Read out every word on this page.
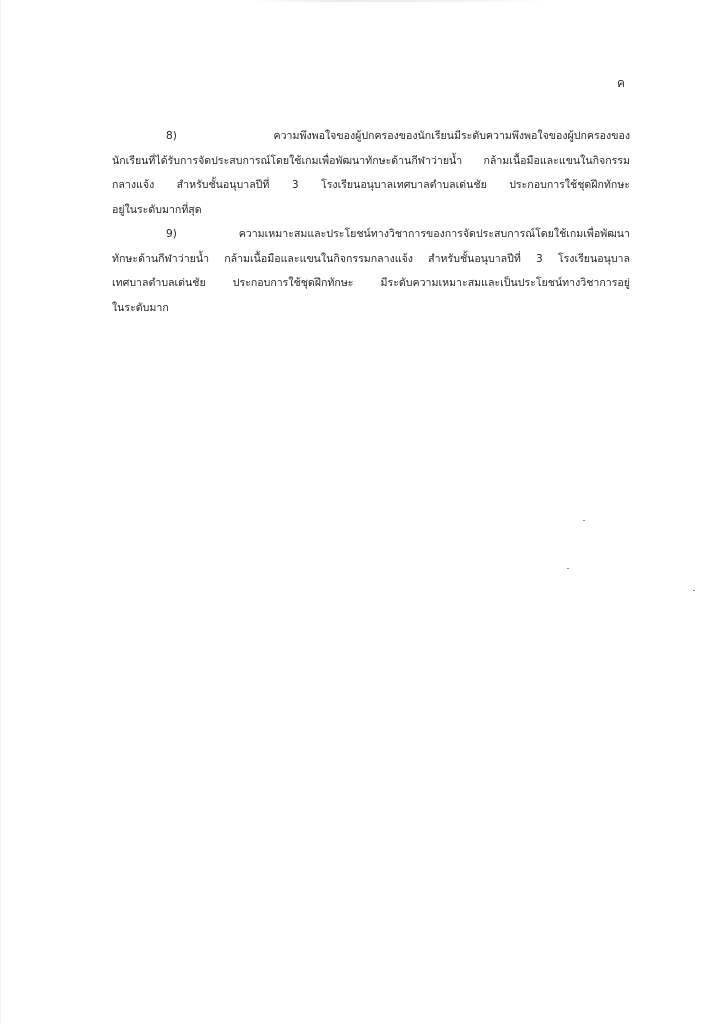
ค
8) ความพึงพอใจของผู้ปกครองของนักเรียนมีระดับความพึงพอใจของผู้ปกครองของ
นักเรียนที่ได้รับการจัดประสบการณ์โดยใช้เกมเพื่อพัฒนาทักษะด้านกีฬาว่ายน้ำ กล้ามเนื้อมือและแขนในกิจกรรม
กลางแจ้ง สำหรับชั้นอนุบาลปีที่ 3 โรงเรียนอนุบาลเทศบาลตำบลเด่นชัย ประกอบการใช้ชุดฝึกทักษะ
อยู่ในระดับมากที่สุด
9) ความเหมาะสมและประโยชน์ทางวิชาการของการจัดประสบการณ์โดยใช้เกมเพื่อพัฒนา
ทักษะด้านกีฬาว่ายน้ำ กล้ามเนื้อมือและแขนในกิจกรรมกลางแจ้ง สำหรับชั้นอนุบาลปีที่ 3 โรงเรียนอนุบาล
เทศบาลตำบลเด่นชัย ประกอบการใช้ชุดฝึกทักษะ มีระดับความเหมาะสมและเป็นประโยชน์ทางวิชาการอยู่
ในระดับมาก
